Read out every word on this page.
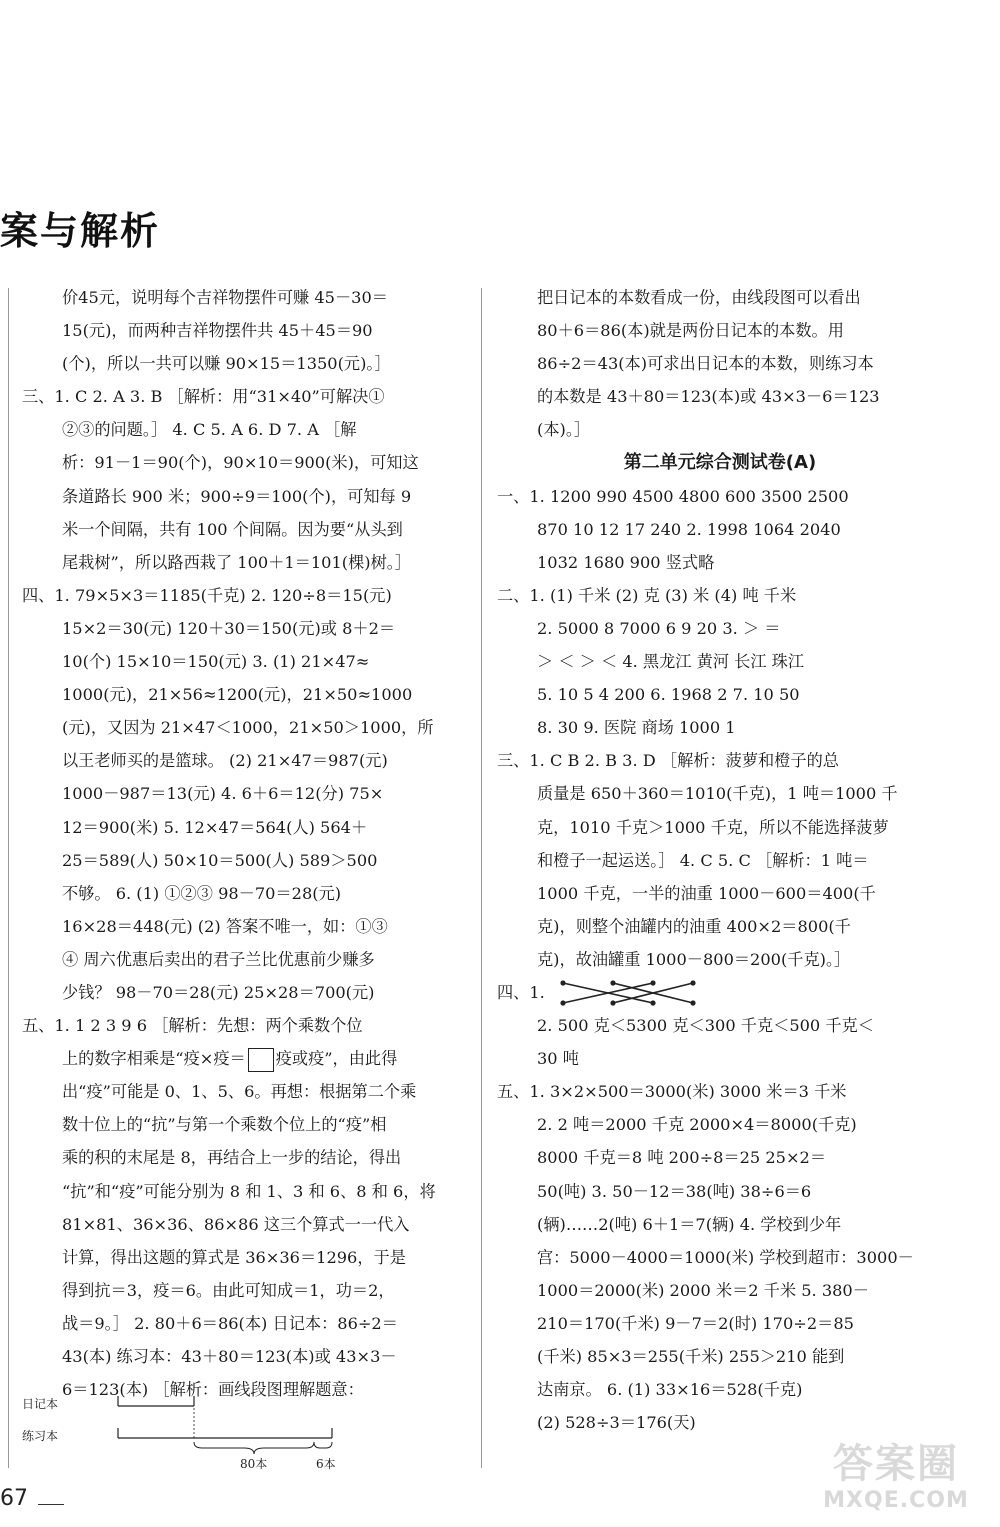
案与解析
价45元，说明每个吉祥物摆件可赚 45－30＝
15(元)，而两种吉祥物摆件共 45＋45＝90
(个)，所以一共可以赚 90×15＝1350(元)。］
三、1. C 2. A 3. B ［解析：用“31×40”可解决①
②③的问题。］ 4. C 5. A 6. D 7. A ［解
析：91－1＝90(个)，90×10＝900(米)，可知这
条道路长 900 米；900÷9＝100(个)，可知每 9
米一个间隔，共有 100 个间隔。因为要“从头到
尾栽树”，所以路西栽了 100＋1＝101(棵)树。］
四、1. 79×5×3＝1185(千克) 2. 120÷8＝15(元)
15×2＝30(元) 120＋30＝150(元)或 8＋2＝
10(个) 15×10＝150(元) 3. (1) 21×47≈
1000(元)，21×56≈1200(元)，21×50≈1000
(元)，又因为 21×47＜1000，21×50＞1000，所
以王老师买的是篮球。 (2) 21×47＝987(元)
1000－987＝13(元) 4. 6＋6＝12(分) 75×
12＝900(米) 5. 12×47＝564(人) 564＋
25＝589(人) 50×10＝500(人) 589＞500
不够。 6. (1) ①②③ 98－70＝28(元)
16×28＝448(元) (2) 答案不唯一，如：①③
④ 周六优惠后卖出的君子兰比优惠前少赚多
少钱？ 98－70＝28(元) 25×28＝700(元)
五、1. 1 2 3 9 6 ［解析：先想：两个乘数个位
上的数字相乘是“疫×疫＝ 疫或疫”，由此得
出“疫”可能是 0、1、5、6。再想：根据第二个乘
数十位上的“抗”与第一个乘数个位上的“疫”相
乘的积的末尾是 8，再结合上一步的结论，得出
“抗”和“疫”可能分别为 8 和 1、3 和 6、8 和 6，将
81×81、36×36、86×86 这三个算式一一代入
计算，得出这题的算式是 36×36＝1296，于是
得到抗＝3，疫＝6。由此可知成＝1，功＝2，
战＝9。］ 2. 80＋6＝86(本) 日记本：86÷2＝
43(本) 练习本：43＋80＝123(本)或 43×3－
6＝123(本) ［解析：画线段图理解题意：
把日记本的本数看成一份，由线段图可以看出
80＋6＝86(本)就是两份日记本的本数。用
86÷2＝43(本)可求出日记本的本数，则练习本
的本数是 43＋80＝123(本)或 43×3－6＝123
(本)。］
第二单元综合测试卷(A)
一、1. 1200 990 4500 4800 600 3500 2500
870 10 12 17 240 2. 1998 1064 2040
1032 1680 900 竖式略
二、1. (1) 千米 (2) 克 (3) 米 (4) 吨 千米
2. 5000 8 7000 6 9 20 3. ＞ ＝
＞ ＜ ＞ ＜ 4. 黑龙江 黄河 长江 珠江
5. 10 5 4 200 6. 1968 2 7. 10 50
8. 30 9. 医院 商场 1000 1
三、1. C B 2. B 3. D ［解析：菠萝和橙子的总
质量是 650＋360＝1010(千克)，1 吨＝1000 千
克，1010 千克＞1000 千克，所以不能选择菠萝
和橙子一起运送。］ 4. C 5. C ［解析：1 吨＝
1000 千克，一半的油重 1000－600＝400(千
克)，则整个油罐内的油重 400×2＝800(千
克)，故油罐重 1000－800＝200(千克)。］
四、1.
2. 500 克＜5300 克＜300 千克＜500 千克＜
30 吨
五、1. 3×2×500＝3000(米) 3000 米＝3 千米
2. 2 吨＝2000 千克 2000×4＝8000(千克)
8000 千克＝8 吨 200÷8＝25 25×2＝
50(吨) 3. 50－12＝38(吨) 38÷6＝6
(辆)……2(吨) 6＋1＝7(辆) 4. 学校到少年
宫：5000－4000＝1000(米) 学校到超市：3000－
1000＝2000(米) 2000 米＝2 千米 5. 380－
210＝170(千米) 9－7＝2(时) 170÷2＝85
(千米) 85×3＝255(千米) 255＞210 能到
达南京。 6. (1) 33×16＝528(千克)
(2) 528÷3＝176(天)
日记本
练习本
80本	6本
67
答案圈
MXQE.COM
